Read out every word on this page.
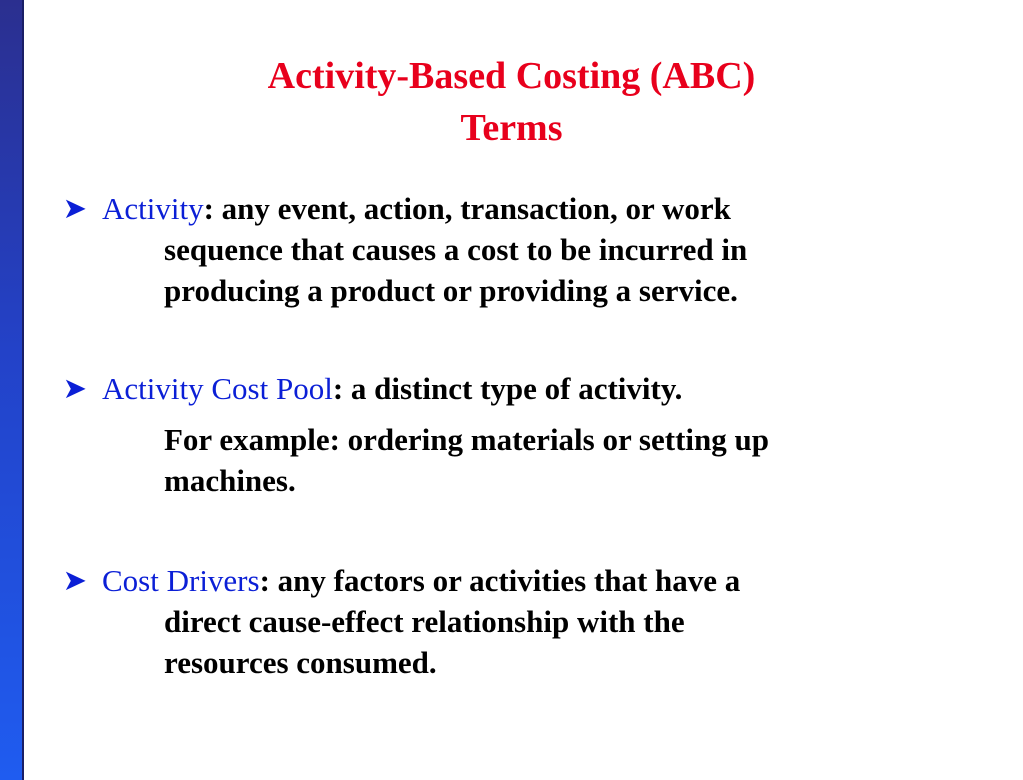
Activity-Based Costing (ABC)
Terms
➤ Activity: any event, action, transaction, or work
sequence that causes a cost to be incurred in
producing a product or providing a service.
➤ Activity Cost Pool: a distinct type of activity.
For example: ordering materials or setting up
machines.
➤ Cost Drivers: any factors or activities that have a
direct cause-effect relationship with the
resources consumed.
